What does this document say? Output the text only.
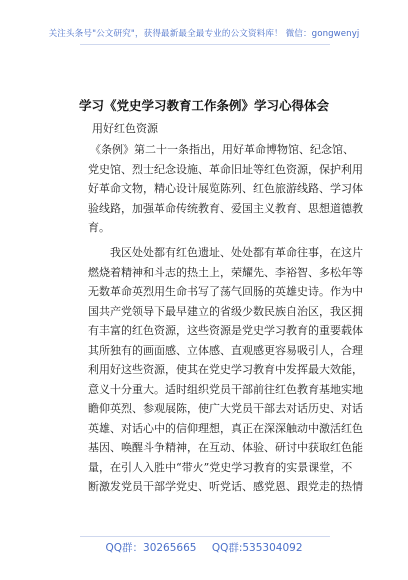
关注头条号"公文研究"，获得最新最全最专业的公文资料库！ 微信：gongwenyj
学习《党史学习教育工作条例》学习心得体会
用好红色资源
《条例》第二十一条指出，用好革命博物馆、纪念馆、
党史馆、烈士纪念设施、革命旧址等红色资源，保护利用
好革命文物，精心设计展览陈列、红色旅游线路、学习体
验线路，加强革命传统教育、爱国主义教育、思想道德教
育。
我区处处都有红色遗址、处处都有革命往事，在这片
燃烧着精神和斗志的热土上，荣耀先、李裕智、多松年等
无数革命英烈用生命书写了荡气回肠的英雄史诗。作为中
国共产党领导下最早建立的省级少数民族自治区，我区拥
有丰富的红色资源，这些资源是党史学习教育的重要载体
其所独有的画面感、立体感、直观感更容易吸引人，合理
利用好这些资源，使其在党史学习教育中发挥最大效能，
意义十分重大。适时组织党员干部前往红色教育基地实地
瞻仰英烈、参观展陈，使广大党员干部去对话历史、对话
英雄、对话心中的信仰理想，真正在深深触动中激活红色
基因、唤醒斗争精神，在互动、体验、研讨中获取红色能
量，在引人入胜中“带火”党史学习教育的实景课堂，不
断激发党员干部学党史、听党话、感党恩、跟党走的热情
QQ群：30265665 QQ群:535304092
